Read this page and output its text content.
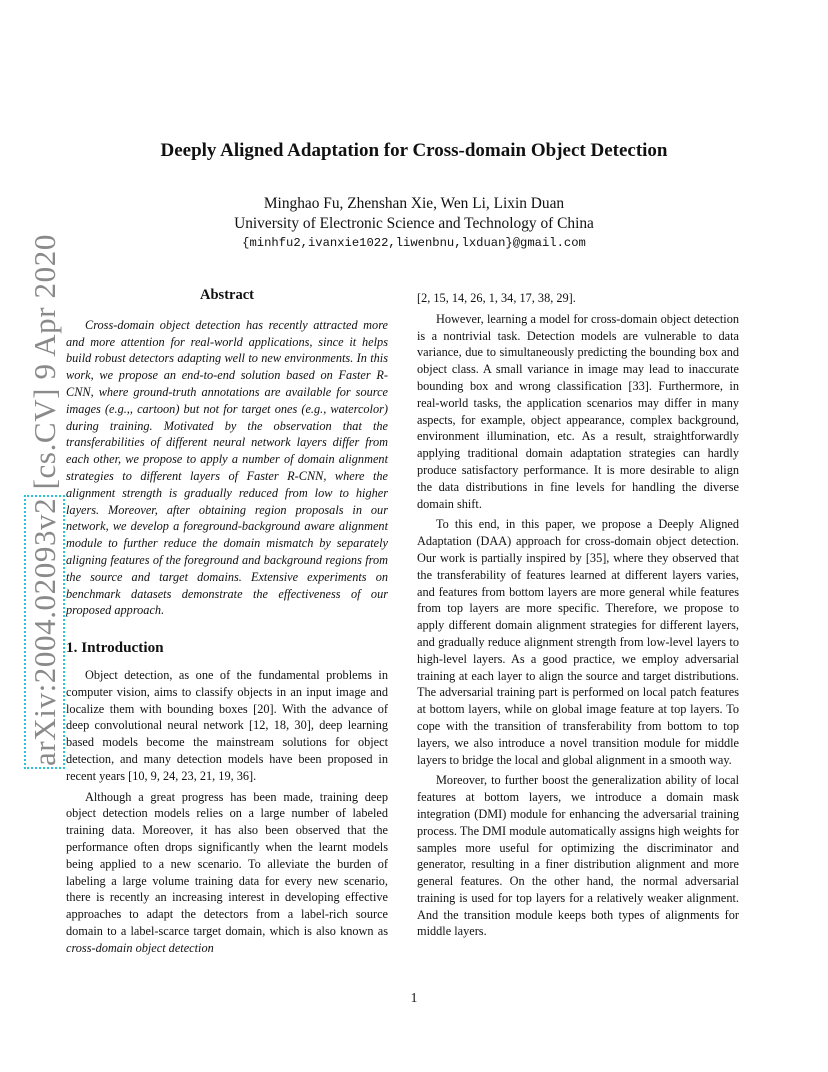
arXiv:2004.02093v2 [cs.CV] 9 Apr 2020
Deeply Aligned Adaptation for Cross-domain Object Detection
Minghao Fu, Zhenshan Xie, Wen Li, Lixin Duan
University of Electronic Science and Technology of China
{minhfu2,ivanxie1022,liwenbnu,lxduan}@gmail.com
Abstract

Cross-domain object detection has recently attracted more and more attention for real-world applications, since it helps build robust detectors adapting well to new environments. In this work, we propose an end-to-end solution based on Faster R-CNN, where ground-truth annotations are available for source images (e.g.,, cartoon) but not for target ones (e.g., watercolor) during training. Motivated by the observation that the transferabilities of different neural network layers differ from each other, we propose to apply a number of domain alignment strategies to different layers of Faster R-CNN, where the alignment strength is gradually reduced from low to higher layers. Moreover, after obtaining region proposals in our network, we develop a foreground-background aware alignment module to further reduce the domain mismatch by separately aligning features of the foreground and background regions from the source and target domains. Extensive experiments on benchmark datasets demonstrate the effectiveness of our proposed approach.

1. Introduction

Object detection, as one of the fundamental problems in computer vision, aims to classify objects in an input image and localize them with bounding boxes [20]. With the advance of deep convolutional neural network [12, 18, 30], deep learning based models become the mainstream solutions for object detection, and many detection models have been proposed in recent years [10, 9, 24, 23, 21, 19, 36].

Although a great progress has been made, training deep object detection models relies on a large number of labeled training data. Moreover, it has also been observed that the performance often drops significantly when the learnt models being applied to a new scenario. To alleviate the burden of labeling a large volume training data for every new scenario, there is recently an increasing interest in developing effective approaches to adapt the detectors from a label-rich source domain to a label-scarce target domain, which is also known as cross-domain object detection

[2, 15, 14, 26, 1, 34, 17, 38, 29].

However, learning a model for cross-domain object detection is a nontrivial task. Detection models are vulnerable to data variance, due to simultaneously predicting the bounding box and object class. A small variance in image may lead to inaccurate bounding box and wrong classification [33]. Furthermore, in real-world tasks, the application scenarios may differ in many aspects, for example, object appearance, complex background, environment illumination, etc. As a result, straightforwardly applying traditional domain adaptation strategies can hardly produce satisfactory performance. It is more desirable to align the data distributions in fine levels for handling the diverse domain shift.

To this end, in this paper, we propose a Deeply Aligned Adaptation (DAA) approach for cross-domain object detection. Our work is partially inspired by [35], where they observed that the transferability of features learned at different layers varies, and features from bottom layers are more general while features from top layers are more specific. Therefore, we propose to apply different domain alignment strategies for different layers, and gradually reduce alignment strength from low-level layers to high-level layers. As a good practice, we employ adversarial training at each layer to align the source and target distributions. The adversarial training part is performed on local patch features at bottom layers, while on global image feature at top layers. To cope with the transition of transferability from bottom to top layers, we also introduce a novel transition module for middle layers to bridge the local and global alignment in a smooth way.

Moreover, to further boost the generalization ability of local features at bottom layers, we introduce a domain mask integration (DMI) module for enhancing the adversarial training process. The DMI module automatically assigns high weights for samples more useful for optimizing the discriminator and generator, resulting in a finer distribution alignment and more general features. On the other hand, the normal adversarial training is used for top layers for a relatively weaker alignment. And the transition module keeps both types of alignments for middle layers.

1
